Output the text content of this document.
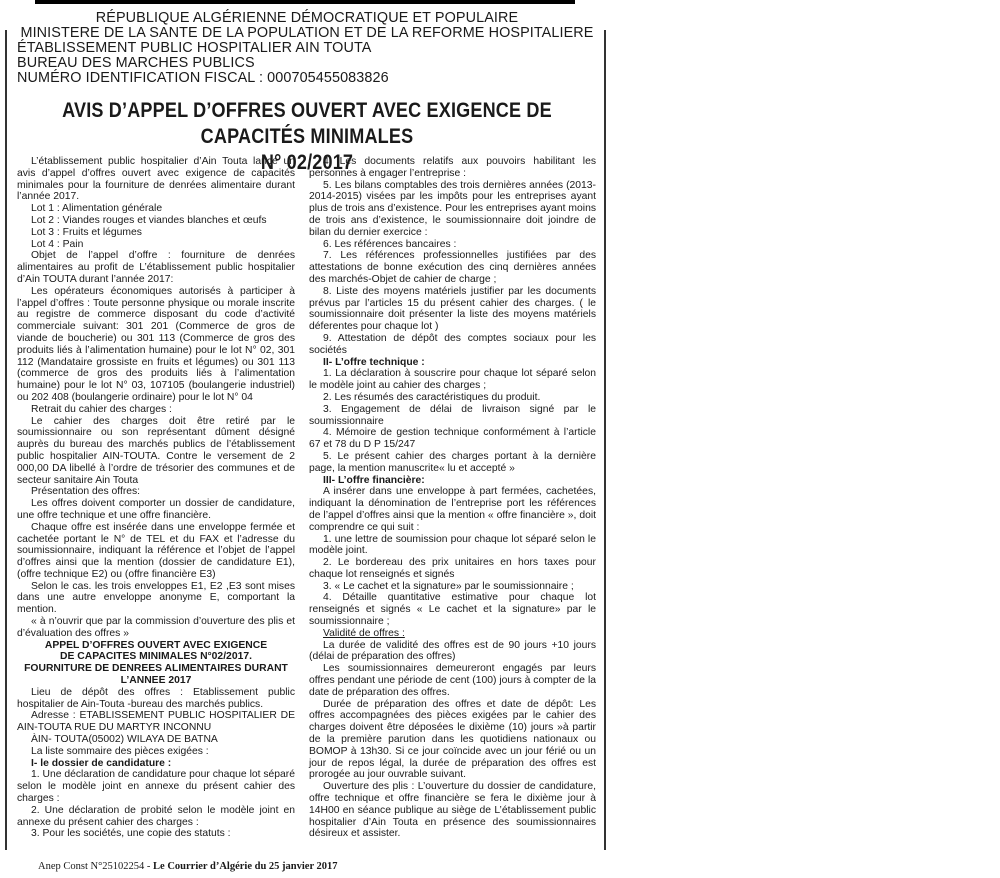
RÉPUBLIQUE ALGÉRIENNE DÉMOCRATIQUE ET POPULAIRE
MINISTERE DE LA SANTE DE LA POPULATION ET DE LA REFORME HOSPITALIERE
ÉTABLISSEMENT PUBLIC HOSPITALIER AIN TOUTA
BUREAU DES MARCHES PUBLICS
NUMÉRO IDENTIFICATION FISCAL : 000705455083826
AVIS D’APPEL D’OFFRES OUVERT AVEC EXIGENCE DE CAPACITÉS MINIMALES
N° 02/2017

L’établissement public hospitalier d’Ain Touta lance un avis d’appel d’offres ouvert avec exigence de capacités minimales pour la fourniture de denrées alimentaire durant l’année 2017.

Lot 1 : Alimentation générale

Lot 2 : Viandes rouges et viandes blanches et œufs

Lot 3 : Fruits et légumes

Lot 4 : Pain

Objet de l’appel d’offre : fourniture de denrées alimentaires au profit de L’établissement public hospitalier d’Ain TOUTA durant l’année 2017:

Les opérateurs économiques autorisés à participer à l’appel d’offres : Toute personne physique ou morale inscrite au registre de commerce disposant du code d’activité commerciale suivant: 301 201 (Commerce de gros de viande de boucherie) ou 301 113 (Commerce de gros des produits liés à l’alimentation humaine) pour le lot N° 02, 301 112 (Mandataire grossiste en fruits et légumes) ou 301 113 (commerce de gros des produits liés à l’alimentation humaine) pour le lot N° 03, 107105 (boulangerie industriel) ou 202 408 (boulangerie ordinaire) pour le lot N° 04

Retrait du cahier des charges :

Le cahier des charges doit être retiré par le soumissionnaire ou son représentant dûment désigné auprès du bureau des marchés publics de l’établissement public hospitalier AIN-TOUTA. Contre le versement de 2 000,00 DA libellé à l’ordre de trésorier des communes et de secteur sanitaire Ain Touta

Présentation des offres:

Les offres doivent comporter un dossier de candidature, une offre technique et une offre financière.

Chaque offre est insérée dans une enveloppe fermée et cachetée portant le N° de TEL et du FAX et l’adresse du soumissionnaire, indiquant la référence et l’objet de l’appel d’offres ainsi que la mention (dossier de candidature E1), (offre technique E2) ou (offre financière E3)

Selon le cas. les trois enveloppes E1, E2 ,E3 sont mises dans une autre enveloppe anonyme E, comportant la mention.

« à n’ouvrir que par la commission d’ouverture des plis et d’évaluation des offres »

APPEL D’OFFRES OUVERT AVEC EXIGENCE

DE CAPACITES MINIMALES N°02/2017.

FOURNITURE DE DENREES ALIMENTAIRES DURANT

L’ANNEE 2017

Lieu de dépôt des offres : Etablissement public hospitalier de Ain-Touta -bureau des marchés publics.

Adresse : ETABLISSEMENT PUBLIC HOSPITALIER DE AIN-TOUTA RUE DU MARTYR INCONNU

ÀIN- TOUTA(05002) WILAYA DE BATNA

La liste sommaire des pièces exigées :

I- le dossier de candidature :

1. Une déclaration de candidature pour chaque lot séparé selon le modèle joint en annexe du présent cahier des charges :

2. Une déclaration de probité selon le modèle joint en annexe du présent cahier des charges :

3. Pour les sociétés, une copie des statuts :

4. Les documents relatifs aux pouvoirs habilitant les personnes à engager l’entreprise :

5. Les bilans comptables des trois dernières années (2013-2014-2015) visées par les impôts pour les entreprises ayant plus de trois ans d’existence. Pour les entreprises ayant moins de trois ans d’existence, le soumissionnaire doit joindre de bilan du dernier exercice :

6. Les références bancaires :

7. Les références professionnelles justifiées par des attestations de bonne exécution des cinq dernières années des marchés-Objet de cahier de charge ;

8. Liste des moyens matériels justifier par les documents prévus par l’articles 15 du présent cahier des charges. ( le soumissionnaire doit présenter la liste des moyens matériels déferentes pour chaque lot )

9. Attestation de dépôt des comptes sociaux pour les sociétés

II- L’offre technique :

1. La déclaration à souscrire pour chaque lot séparé selon le modèle joint au cahier des charges ;

2. Les résumés des caractéristiques du produit.

3. Engagement de délai de livraison signé par le soumissionnaire

4. Mémoire de gestion technique conformément à l’article 67 et 78 du D P 15/247

5. Le présent cahier des charges portant à la dernière page, la mention manuscrite« lu et accepté »

III- L’offre financière:

A insérer dans une enveloppe à part fermées, cachetées, indiquant la dénomination de l’entreprise port les références de l’appel d’offres ainsi que la mention « offre financière », doit comprendre ce qui suit :

1. une lettre de soumission pour chaque lot séparé selon le modèle joint.

2. Le bordereau des prix unitaires en hors taxes pour chaque lot renseignés et signés

3. « Le cachet et la signature» par le soumissionnaire ;

4. Détaille quantitative estimative pour chaque lot renseignés et signés « Le cachet et la signature» par le soumissionnaire ;

Validité de offres :

La durée de validité des offres est de 90 jours +10 jours (délai de préparation des offres)

Les soumissionnaires demeureront engagés par leurs offres pendant une période de cent (100) jours à compter de la date de préparation des offres.

Durée de préparation des offres et date de dépôt: Les offres accompagnées des pièces exigées par le cahier des charges doivent être déposées le dixième (10) jours »à partir de la première parution dans les quotidiens nationaux ou BOMOP à 13h30. Si ce jour coïncide avec un jour férié ou un jour de repos légal, la durée de préparation des offres est prorogée au jour ouvrable suivant.

Ouverture des plis : L’ouverture du dossier de candidature, offre technique et offre financière se fera le dixième jour à 14H00 en séance publique au siège de L’établissement public hospitalier d’Ain Touta en présence des soumissionnaires désireux et assister.

Anep Const N°25102254 - Le Courrier d’Algérie du 25 janvier 2017
